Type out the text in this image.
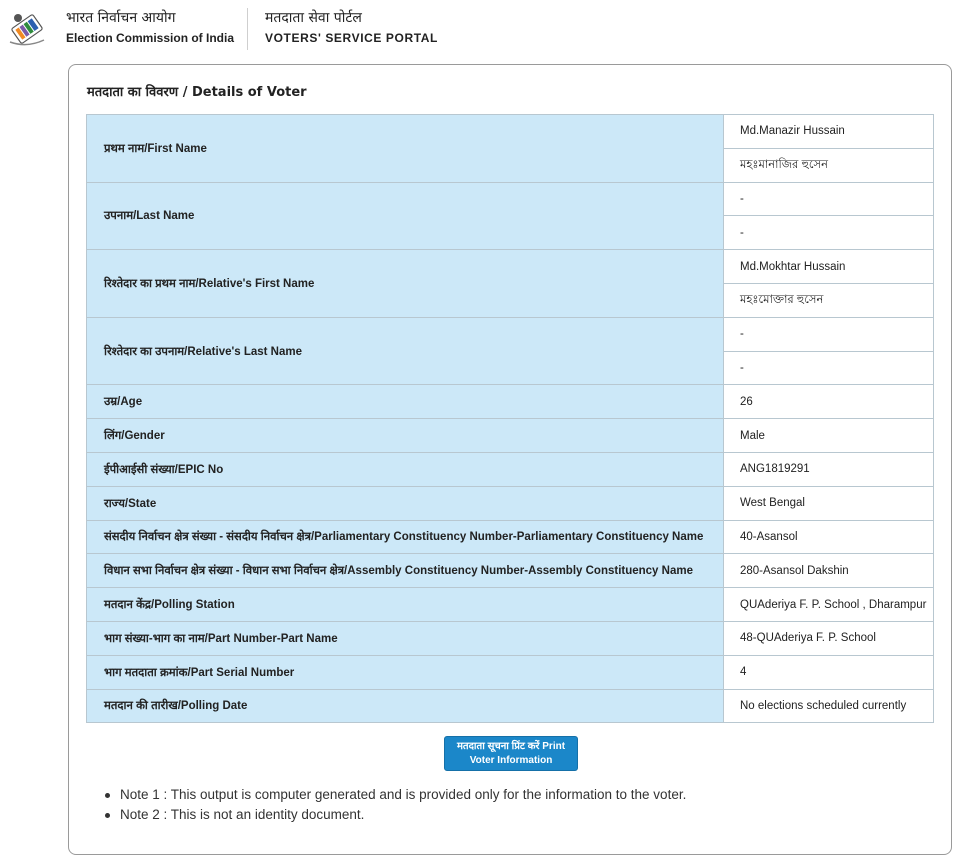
भारत निर्वाचन आयोग
Election Commission of India
मतदाता सेवा पोर्टल
VOTERS' SERVICE PORTAL
मतदाता का विवरण / Details of Voter
प्रथम नाम/First Name	Md.Manazir Hussain
	মহঃমানাজির হুসেন
उपनाम/Last Name	-
	-
रिश्तेदार का प्रथम नाम/Relative's First Name	Md.Mokhtar Hussain
	মহঃমোক্তার হুসেন
रिश्तेदार का उपनाम/Relative's Last Name	-
	-
उम्र/Age	26
लिंग/Gender	Male
ईपीआईसी संख्या/EPIC No	ANG1819291
राज्य/State	West Bengal
संसदीय निर्वाचन क्षेत्र संख्या - संसदीय निर्वाचन क्षेत्र/Parliamentary Constituency Number-Parliamentary Constituency Name	40-Asansol
विधान सभा निर्वाचन क्षेत्र संख्या - विधान सभा निर्वाचन क्षेत्र/Assembly Constituency Number-Assembly Constituency Name	280-Asansol Dakshin
मतदान केंद्र/Polling Station	QUAderiya F. P. School , Dharampur
भाग संख्या-भाग का नाम/Part Number-Part Name	48-QUAderiya F. P. School
भाग मतदाता क्रमांक/Part Serial Number	4
मतदान की तारीख/Polling Date	No elections scheduled currently
मतदाता सूचना प्रिंट करें Print
Voter Information
Note 1 : This output is computer generated and is provided only for the information to the voter.
Note 2 : This is not an identity document.
